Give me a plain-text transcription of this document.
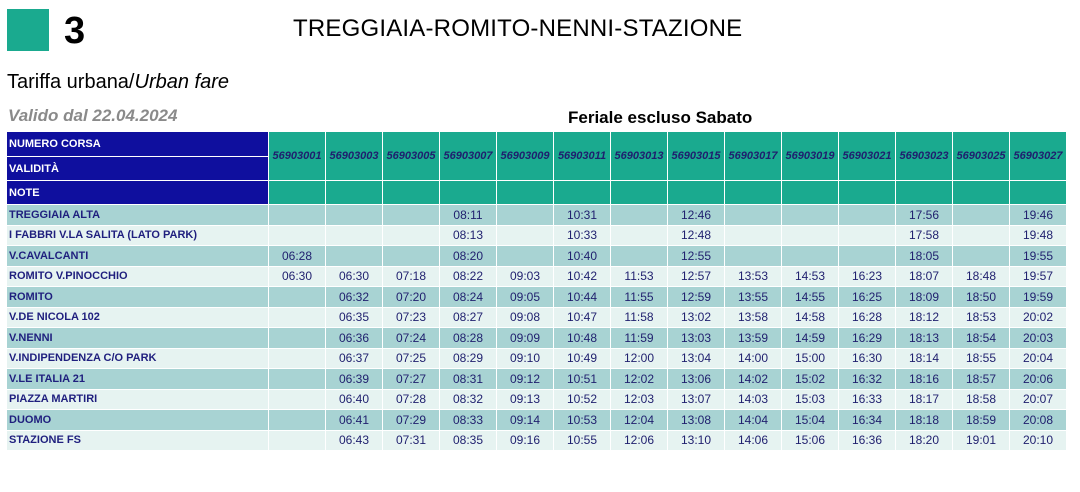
3	TREGGIAIA-ROMITO-NENNI-STAZIONE
Tariffa urbana/Urban fare
Valido dal 22.04.2024	Feriale escluso Sabato
NUMERO CORSA	56903001	56903003	56903005	56903007	56903009	56903011	56903013	56903015	56903017	56903019	56903021	56903023	56903025	56903027
VALIDITÀ														
NOTE														
TREGGIAIA ALTA				08:11		10:31		12:46				17:56		19:46
I FABBRI V.LA SALITA (LATO PARK)				08:13		10:33		12:48				17:58		19:48
V.CAVALCANTI	06:28			08:20		10:40		12:55				18:05		19:55
ROMITO V.PINOCCHIO	06:30	06:30	07:18	08:22	09:03	10:42	11:53	12:57	13:53	14:53	16:23	18:07	18:48	19:57
ROMITO		06:32	07:20	08:24	09:05	10:44	11:55	12:59	13:55	14:55	16:25	18:09	18:50	19:59
V.DE NICOLA 102		06:35	07:23	08:27	09:08	10:47	11:58	13:02	13:58	14:58	16:28	18:12	18:53	20:02
V.NENNI		06:36	07:24	08:28	09:09	10:48	11:59	13:03	13:59	14:59	16:29	18:13	18:54	20:03
V.INDIPENDENZA C/O PARK		06:37	07:25	08:29	09:10	10:49	12:00	13:04	14:00	15:00	16:30	18:14	18:55	20:04
V.LE ITALIA 21		06:39	07:27	08:31	09:12	10:51	12:02	13:06	14:02	15:02	16:32	18:16	18:57	20:06
PIAZZA MARTIRI		06:40	07:28	08:32	09:13	10:52	12:03	13:07	14:03	15:03	16:33	18:17	18:58	20:07
DUOMO		06:41	07:29	08:33	09:14	10:53	12:04	13:08	14:04	15:04	16:34	18:18	18:59	20:08
STAZIONE FS		06:43	07:31	08:35	09:16	10:55	12:06	13:10	14:06	15:06	16:36	18:20	19:01	20:10
